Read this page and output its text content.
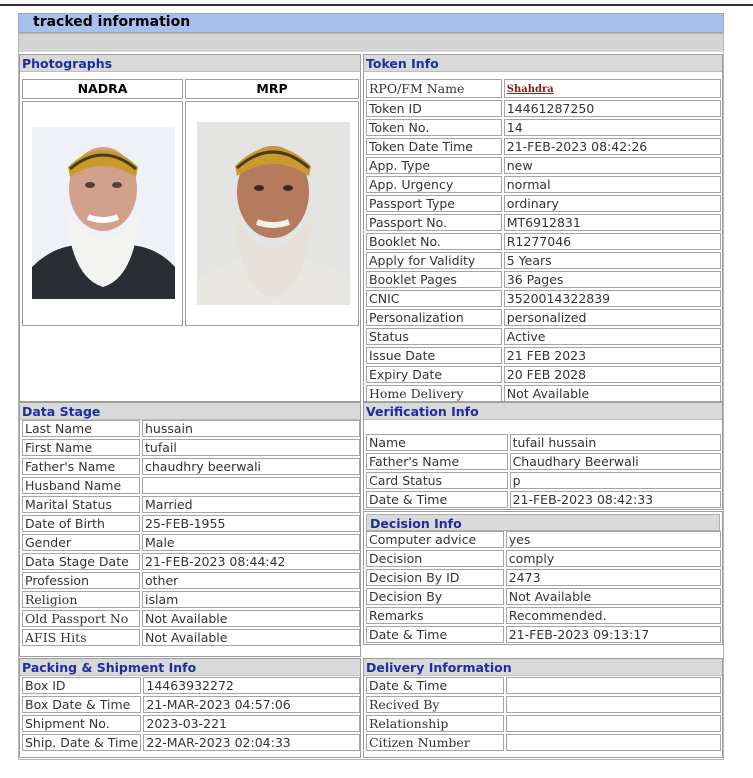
tracked information
Photographs
NADRA	MRP
Token Info
RPO/FM Name	Shahdra
Token ID	14461287250
Token No.	14
Token Date Time	21-FEB-2023 08:42:26
App. Type	new
App. Urgency	normal
Passport Type	ordinary
Passport No.	MT6912831
Booklet No.	R1277046
Apply for Validity	5 Years
Booklet Pages	36 Pages
CNIC	3520014322839
Personalization	personalized
Status	Active
Issue Date	21 FEB 2023
Expiry Date	20 FEB 2028
Home Delivery	Not Available
Data Stage
Last Name	hussain
First Name	tufail
Father's Name	chaudhry beerwali
Husband Name	
Marital Status	Married
Date of Birth	25-FEB-1955
Gender	Male
Data Stage Date	21-FEB-2023 08:44:42
Profession	other
Religion	islam
Old Passport No	Not Available
AFIS Hits	Not Available
Verification Info
Name	tufail hussain
Father's Name	Chaudhary Beerwali
Card Status	p
Date & Time	21-FEB-2023 08:42:33
Decision Info
Computer advice	yes
Decision	comply
Decision By ID	2473
Decision By	Not Available
Remarks	Recommended.
Date & Time	21-FEB-2023 09:13:17
Packing & Shipment Info
Box ID	14463932272
Box Date & Time	21-MAR-2023 04:57:06
Shipment No.	2023-03-221
Ship. Date & Time	22-MAR-2023 02:04:33
Delivery Information
Date & Time	
Recived By	
Relationship	
Citizen Number	
